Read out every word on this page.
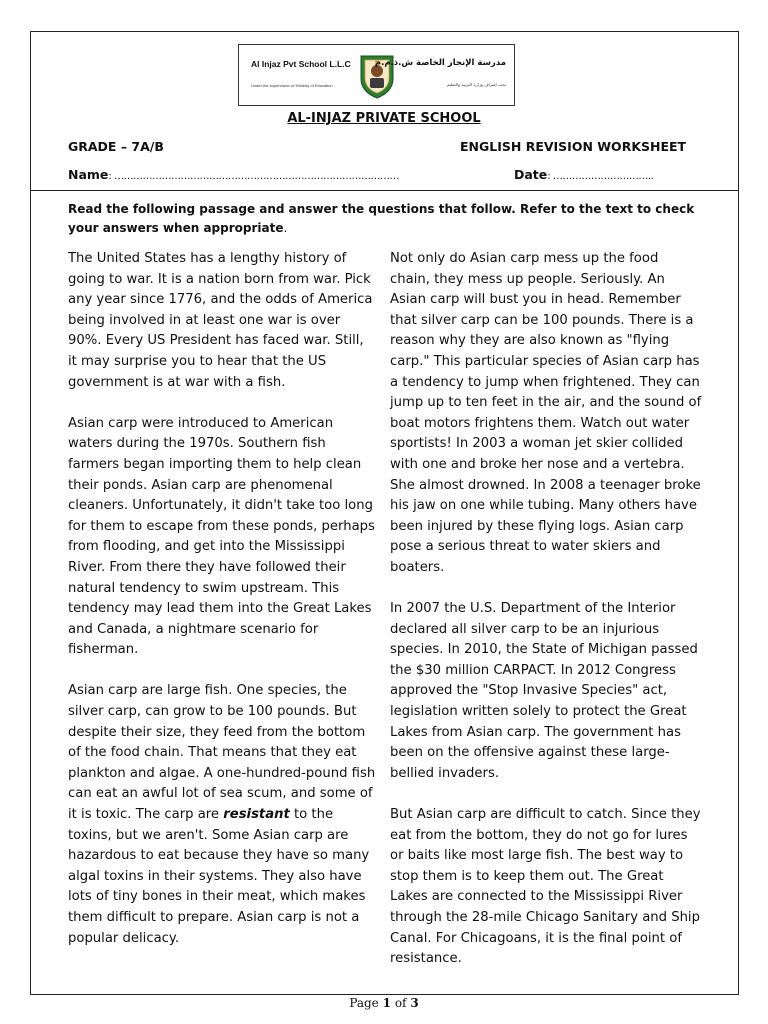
Al Injaz Pvt School L.L.C
Under the supervision of Ministry of Education
مدرسة الإنجاز الخاصة ش.ذ.م.م
تحت إشراف وزارة التربية والتعليم
AL-INJAZ PRIVATE SCHOOL
GRADE – 7A/B	ENGLISH REVISION WORKSHEET
Name: ………………………………………………………………………………	Date: …………………………..
Read the following passage and answer the questions that follow. Refer to the text to check your answers when appropriate.

The United States has a lengthy history of going to war. It is a nation born from war. Pick any year since 1776, and the odds of America being involved in at least one war is over 90%. Every US President has faced war. Still, it may surprise you to hear that the US government is at war with a fish.

Asian carp were introduced to American waters during the 1970s. Southern fish farmers began importing them to help clean their ponds. Asian carp are phenomenal cleaners. Unfortunately, it didn't take too long for them to escape from these ponds, perhaps from flooding, and get into the Mississippi River. From there they have followed their natural tendency to swim upstream. This tendency may lead them into the Great Lakes and Canada, a nightmare scenario for fisherman.

Asian carp are large fish. One species, the silver carp, can grow to be 100 pounds. But despite their size, they feed from the bottom of the food chain. That means that they eat plankton and algae. A one-hundred-pound fish can eat an awful lot of sea scum, and some of it is toxic. The carp are resistant to the toxins, but we aren't. Some Asian carp are hazardous to eat because they have so many algal toxins in their systems. They also have lots of tiny bones in their meat, which makes them difficult to prepare. Asian carp is not a popular delicacy.

Not only do Asian carp mess up the food chain, they mess up people. Seriously. An Asian carp will bust you in head. Remember that silver carp can be 100 pounds. There is a reason why they are also known as "flying carp." This particular species of Asian carp has a tendency to jump when frightened. They can jump up to ten feet in the air, and the sound of boat motors frightens them. Watch out water sportists! In 2003 a woman jet skier collided with one and broke her nose and a vertebra. She almost drowned. In 2008 a teenager broke his jaw on one while tubing. Many others have been injured by these flying logs. Asian carp pose a serious threat to water skiers and boaters.

In 2007 the U.S. Department of the Interior declared all silver carp to be an injurious species. In 2010, the State of Michigan passed the $30 million CARPACT. In 2012 Congress approved the "Stop Invasive Species" act, legislation written solely to protect the Great Lakes from Asian carp. The government has been on the offensive against these large-bellied invaders.

But Asian carp are difficult to catch. Since they eat from the bottom, they do not go for lures or baits like most large fish. The best way to stop them is to keep them out. The Great Lakes are connected to the Mississippi River through the 28-mile Chicago Sanitary and Ship Canal. For Chicagoans, it is the final point of resistance.

Page 1 of 3
